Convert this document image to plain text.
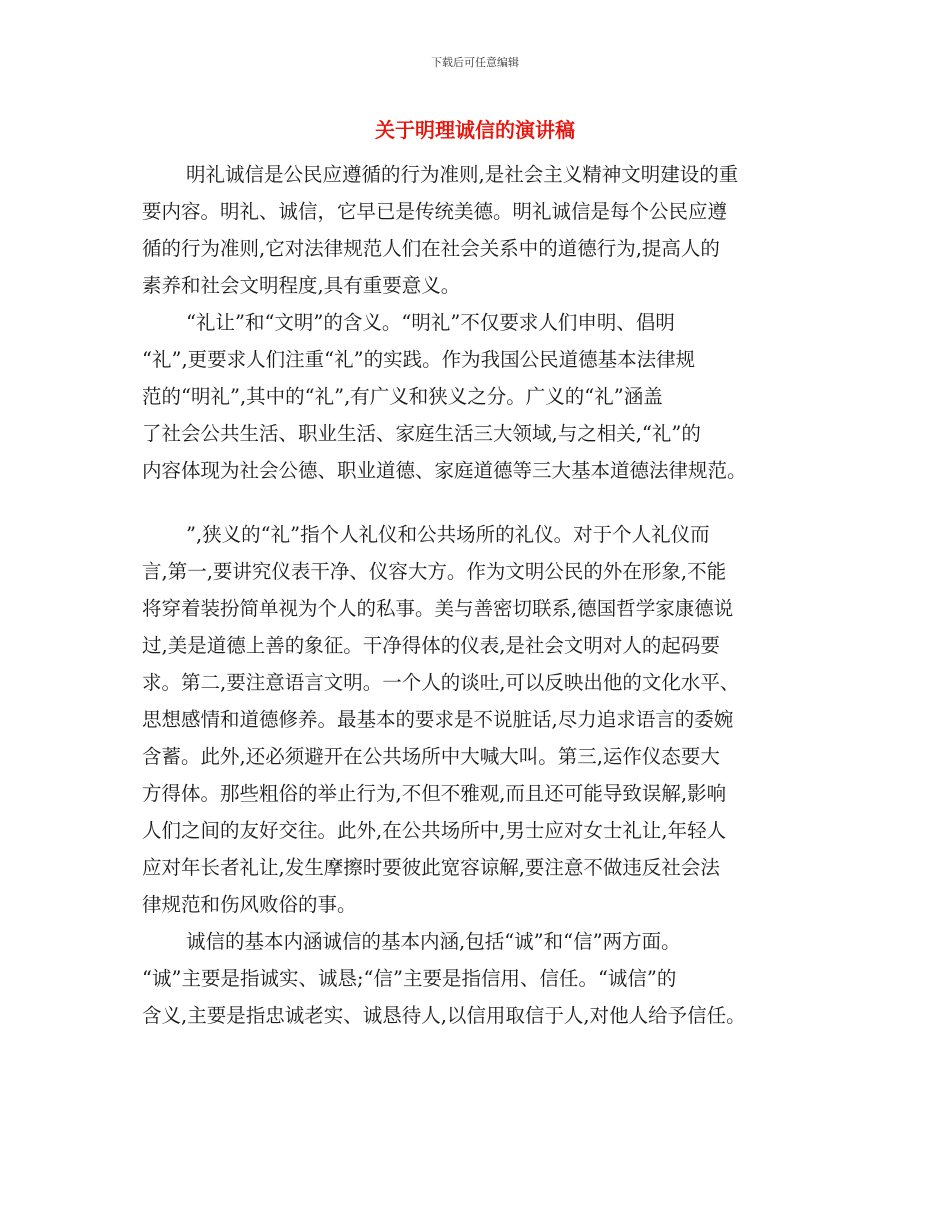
下载后可任意编辑
关于明理诚信的演讲稿
明礼诚信是公民应遵循的行为准则,是社会主义精神文明建设的重
要内容。明礼、诚信，它早已是传统美德。明礼诚信是每个公民应遵
循的行为准则,它对法律规范人们在社会关系中的道德行为,提高人的
素养和社会文明程度,具有重要意义。
“礼让”和“文明”的含义。“明礼”不仅要求人们申明、倡明
“礼”,更要求人们注重“礼”的实践。作为我国公民道德基本法律规
范的“明礼”,其中的“礼”,有广义和狭义之分。广义的“礼”涵盖
了社会公共生活、职业生活、家庭生活三大领域,与之相关,“礼”的
内容体现为社会公德、职业道德、家庭道德等三大基本道德法律规范。
”,狭义的“礼”指个人礼仪和公共场所的礼仪。对于个人礼仪而
言,第一,要讲究仪表干净、仪容大方。作为文明公民的外在形象,不能
将穿着装扮简单视为个人的私事。美与善密切联系,德国哲学家康德说
过,美是道德上善的象征。干净得体的仪表,是社会文明对人的起码要
求。第二,要注意语言文明。一个人的谈吐,可以反映出他的文化水平、
思想感情和道德修养。最基本的要求是不说脏话,尽力追求语言的委婉
含蓄。此外,还必须避开在公共场所中大喊大叫。第三,运作仪态要大
方得体。那些粗俗的举止行为,不但不雅观,而且还可能导致误解,影响
人们之间的友好交往。此外,在公共场所中,男士应对女士礼让,年轻人
应对年长者礼让,发生摩擦时要彼此宽容谅解,要注意不做违反社会法
律规范和伤风败俗的事。
诚信的基本内涵诚信的基本内涵,包括“诚”和“信”两方面。
“诚”主要是指诚实、诚恳;“信”主要是指信用、信任。“诚信”的
含义,主要是指忠诚老实、诚恳待人,以信用取信于人,对他人给予信任。
